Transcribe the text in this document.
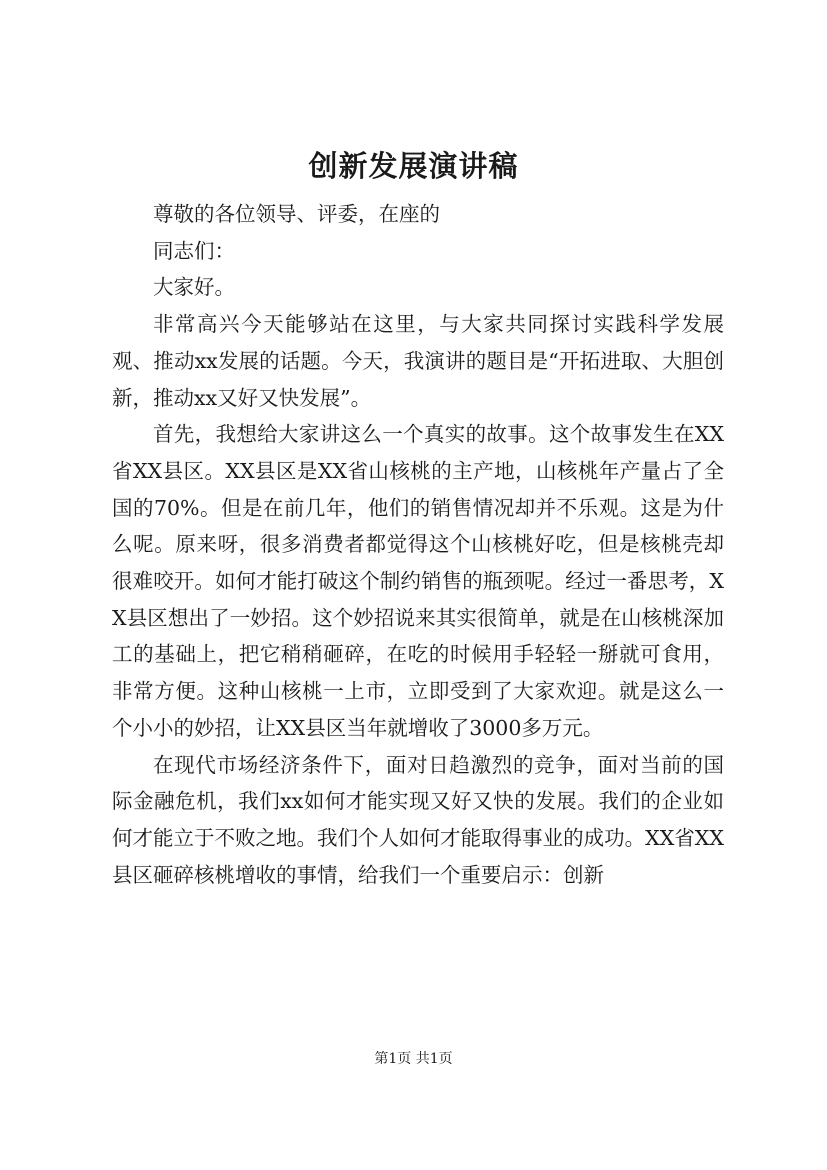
创新发展演讲稿

尊敬的各位领导、评委，在座的

同志们：

大家好。

非常高兴今天能够站在这里，与大家共同探讨实践科学发展观、推动xx发展的话题。今天，我演讲的题目是“开拓进取、大胆创新，推动xx又好又快发展”。

首先，我想给大家讲这么一个真实的故事。这个故事发生在XX省XX县区。XX县区是XX省山核桃的主产地，山核桃年产量占了全国的70%。但是在前几年，他们的销售情况却并不乐观。这是为什么呢。原来呀，很多消费者都觉得这个山核桃好吃，但是核桃壳却很难咬开。如何才能打破这个制约销售的瓶颈呢。经过一番思考，XX县区想出了一妙招。这个妙招说来其实很简单，就是在山核桃深加工的基础上，把它稍稍砸碎，在吃的时候用手轻轻一掰就可食用，非常方便。这种山核桃一上市，立即受到了大家欢迎。就是这么一个小小的妙招，让XX县区当年就增收了3000多万元。

在现代市场经济条件下，面对日趋激烈的竞争，面对当前的国际金融危机，我们xx如何才能实现又好又快的发展。我们的企业如何才能立于不败之地。我们个人如何才能取得事业的成功。XX省XX县区砸碎核桃增收的事情，给我们一个重要启示：创新

第1页 共1页
